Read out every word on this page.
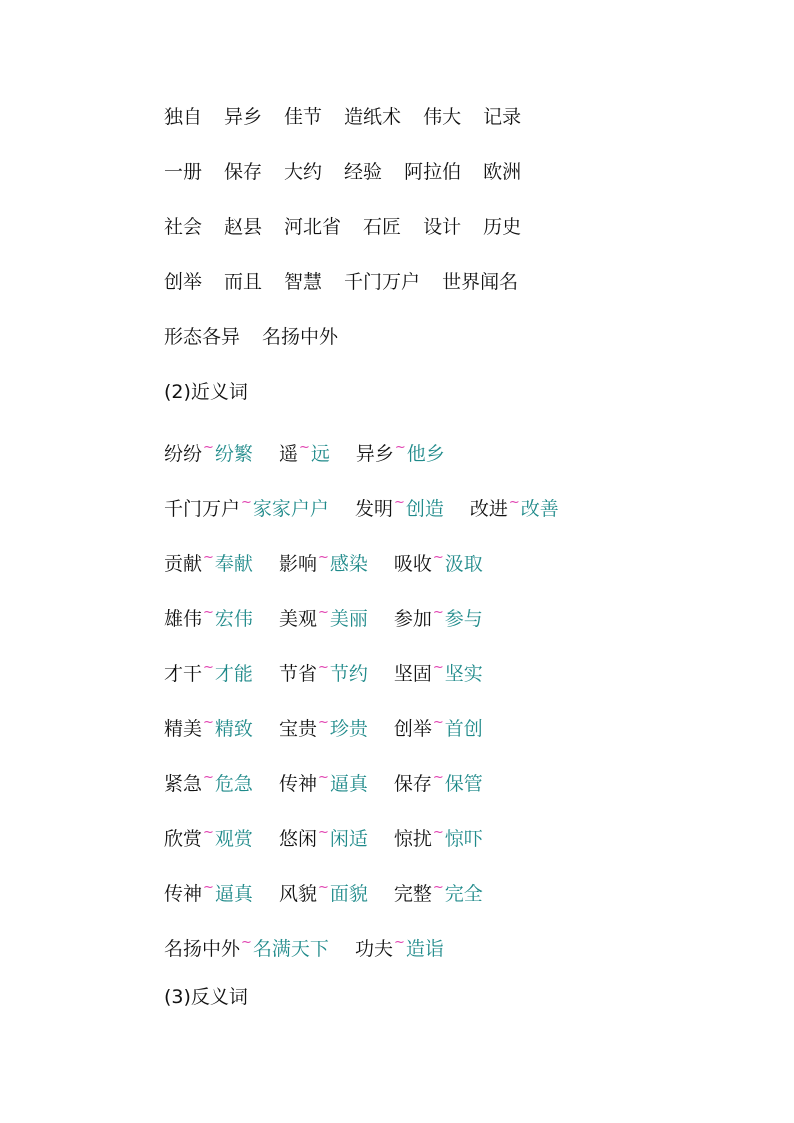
独自 异乡 佳节 造纸术 伟大 记录
一册 保存 大约 经验 阿拉伯 欧洲
社会 赵县 河北省 石匠 设计 历史
创举 而且 智慧 千门万户 世界闻名
形态各异 名扬中外
(2)近义词
纷纷~纷繁 遥~远 异乡~他乡
千门万户~家家户户 发明~创造 改进~改善
贡献~奉献 影响~感染 吸收~汲取
雄伟~宏伟 美观~美丽 参加~参与
才干~才能 节省~节约 坚固~坚实
精美~精致 宝贵~珍贵 创举~首创
紧急~危急 传神~逼真 保存~保管
欣赏~观赏 悠闲~闲适 惊扰~惊吓
传神~逼真 风貌~面貌 完整~完全
名扬中外~名满天下 功夫~造诣
(3)反义词
